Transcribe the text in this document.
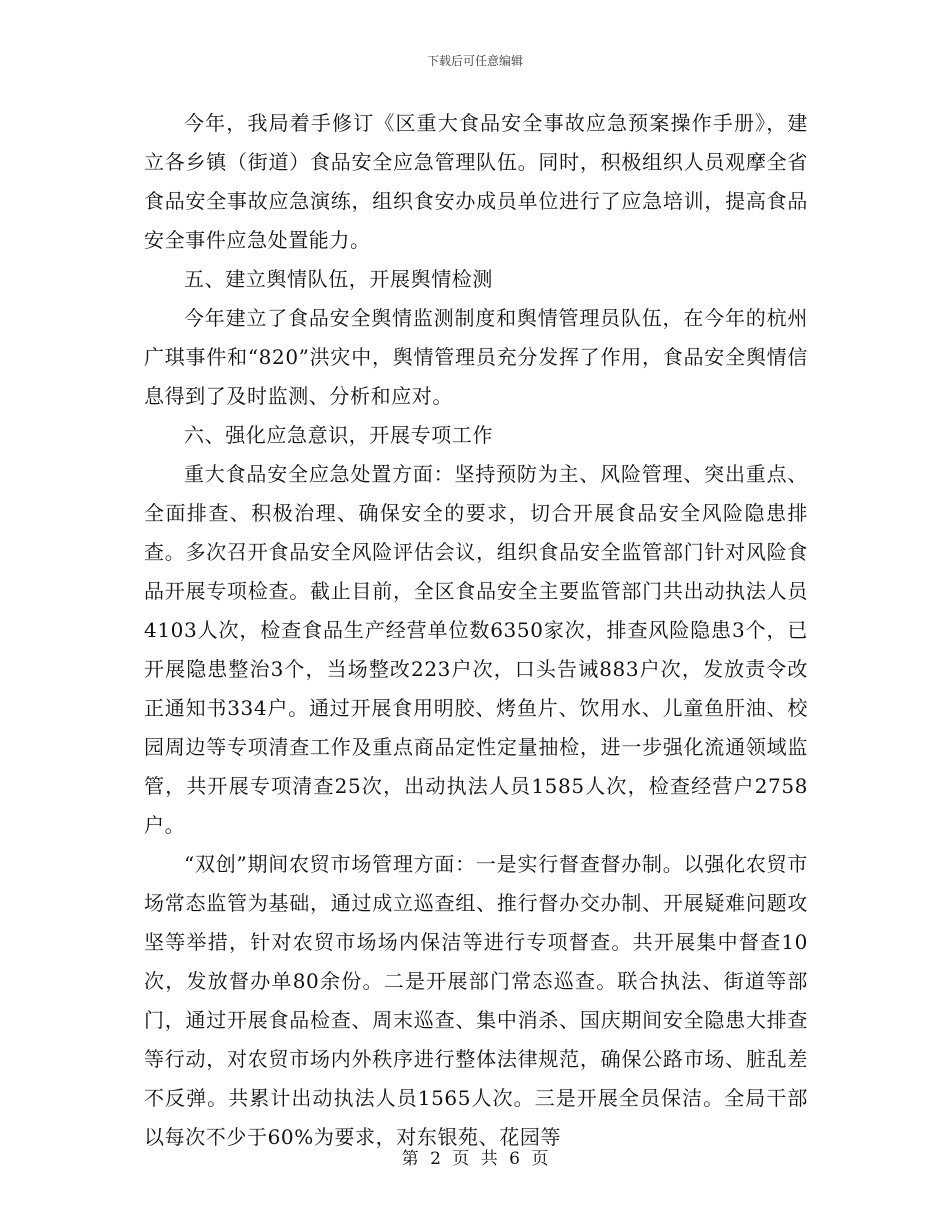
下载后可任意编辑

今年，我局着手修订《区重大食品安全事故应急预案操作手册》，建立各乡镇（街道）食品安全应急管理队伍。同时，积极组织人员观摩全省食品安全事故应急演练，组织食安办成员单位进行了应急培训，提高食品安全事件应急处置能力。

五、建立舆情队伍，开展舆情检测

今年建立了食品安全舆情监测制度和舆情管理员队伍，在今年的杭州广琪事件和“820”洪灾中，舆情管理员充分发挥了作用，食品安全舆情信息得到了及时监测、分析和应对。

六、强化应急意识，开展专项工作

重大食品安全应急处置方面：坚持预防为主、风险管理、突出重点、全面排查、积极治理、确保安全的要求，切合开展食品安全风险隐患排查。多次召开食品安全风险评估会议，组织食品安全监管部门针对风险食品开展专项检查。截止目前，全区食品安全主要监管部门共出动执法人员4103人次，检查食品生产经营单位数6350家次，排查风险隐患3个，已开展隐患整治3个，当场整改223户次，口头告诫883户次，发放责令改正通知书334户。通过开展食用明胶、烤鱼片、饮用水、儿童鱼肝油、校园周边等专项清查工作及重点商品定性定量抽检，进一步强化流通领域监管，共开展专项清查25次，出动执法人员1585人次，检查经营户2758户。

“双创”期间农贸市场管理方面：一是实行督查督办制。以强化农贸市场常态监管为基础，通过成立巡查组、推行督办交办制、开展疑难问题攻坚等举措，针对农贸市场场内保洁等进行专项督查。共开展集中督查10次，发放督办单80余份。二是开展部门常态巡查。联合执法、街道等部门，通过开展食品检查、周末巡查、集中消杀、国庆期间安全隐患大排查等行动，对农贸市场内外秩序进行整体法律规范，确保公路市场、脏乱差不反弹。共累计出动执法人员1565人次。三是开展全员保洁。全局干部以每次不少于60%为要求，对东银苑、花园等

第 2 页 共 6 页
